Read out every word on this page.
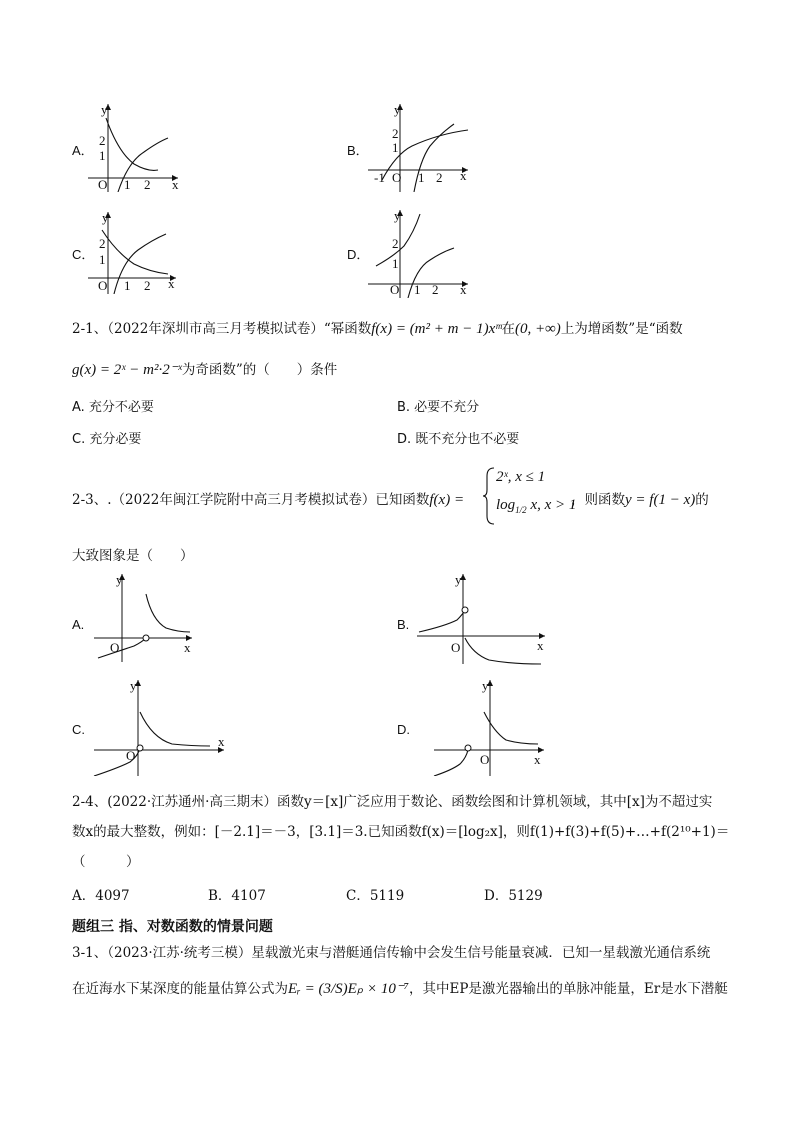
A．
x
y
O 1 2
1
2
B．
x
y
O
-1	1 2
1
2
C．
x
y
O 1 2
1
2
D．
x
y
O 1 2
1
2
2-1、（2022年深圳市高三月考模拟试卷）“幂函数f(x) = (m² + m − 1)xᵐ在(0, +∞)上为增函数”是“函数
g(x) = 2ˣ − m²·2⁻ˣ为奇函数”的（　　）条件
A. 充分不必要	B. 必要不充分
C. 充分必要	D. 既不充分也不必要
2-3、.（2022年闽江学院附中高三月考模拟试卷）已知函数f(x) =
2ˣ, x ≤ 1
$\log_{1/2} x$, x > 1
，则函数y = f(1 − x)的
大致图象是（　　）
A.
x
y
O
B.
x
y
O
C.
x
y
O
D.
x
y
O
2-4、(2022·江苏通州·高三期末）函数y＝[x]广泛应用于数论、函数绘图和计算机领域，其中[x]为不超过实
数x的最大整数，例如：[－2.1]＝－3，[3.1]＝3.已知函数f(x)＝[log₂x]，则f(1)+f(3)+f(5)+…+f(2¹⁰+1)＝
（　　　）
A．4097	B．4107	C．5119	D．5129
题组三 指、对数函数的情景问题
3-1、（2023·江苏·统考三模）星载激光束与潜艇通信传输中会发生信号能量衰减．已知一星载激光通信系统
在近海水下某深度的能量估算公式为Eᵣ = (3/S)Eₚ × 10⁻⁷，其中EP是激光器输出的单脉冲能量，Er是水下潜艇
